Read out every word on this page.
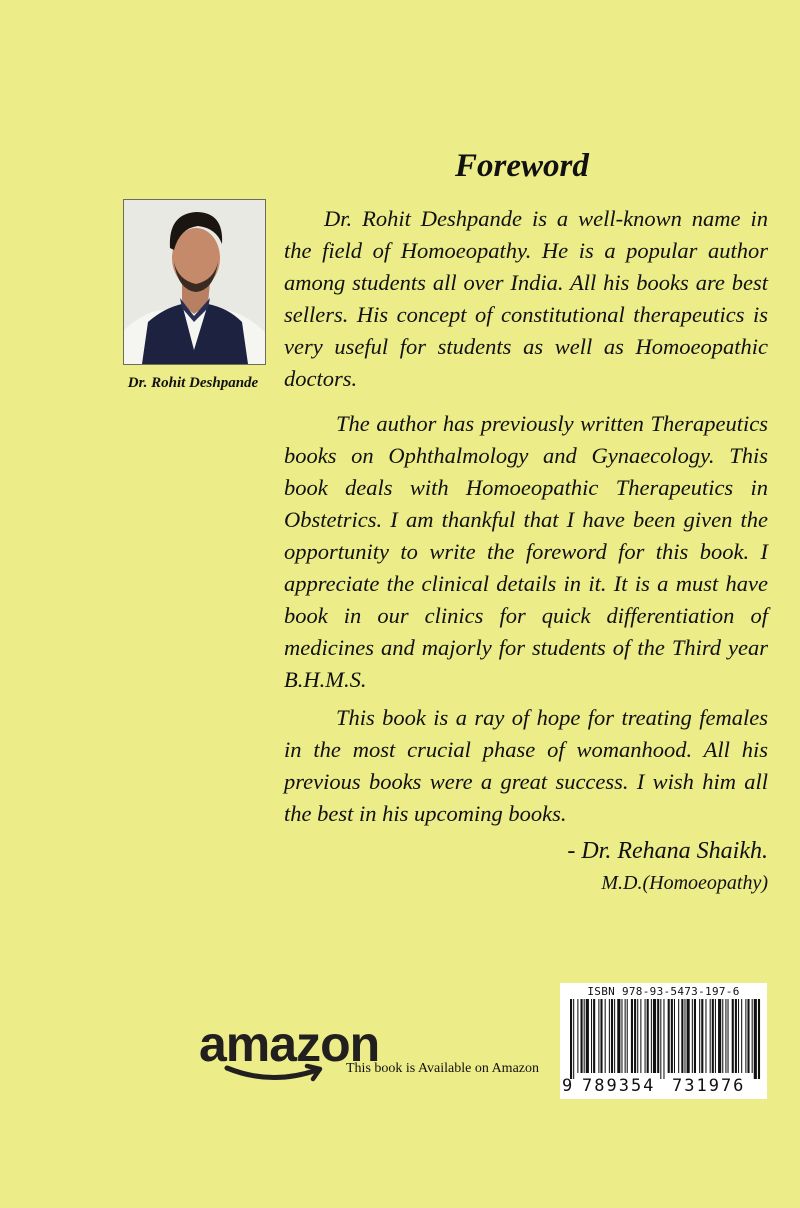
Foreword
Dr. Rohit Deshpande

Dr. Rohit Deshpande is a well-known name in the field of Homoeopathy. He is a popular author among students all over India. All his books are best sellers. His concept of constitutional therapeutics is very useful for students as well as Homoeopathic doctors.

The author has previously written Therapeutics books on Ophthalmology and Gynaecology. This book deals with Homoeopathic Therapeutics in Obstetrics. I am thankful that I have been given the opportunity to write the foreword for this book. I appreciate the clinical details in it. It is a must have book in our clinics for quick differentiation of medicines and majorly for students of the Third year B.H.M.S.

This book is a ray of hope for treating females in the most crucial phase of womanhood. All his previous books were a great success. I wish him all the best in his upcoming books.

- Dr. Rehana Shaikh.
M.D.(Homoeopathy)
amazon
This book is Available on Amazon
ISBN 978-93-5473-197-6
9 789354 731976
